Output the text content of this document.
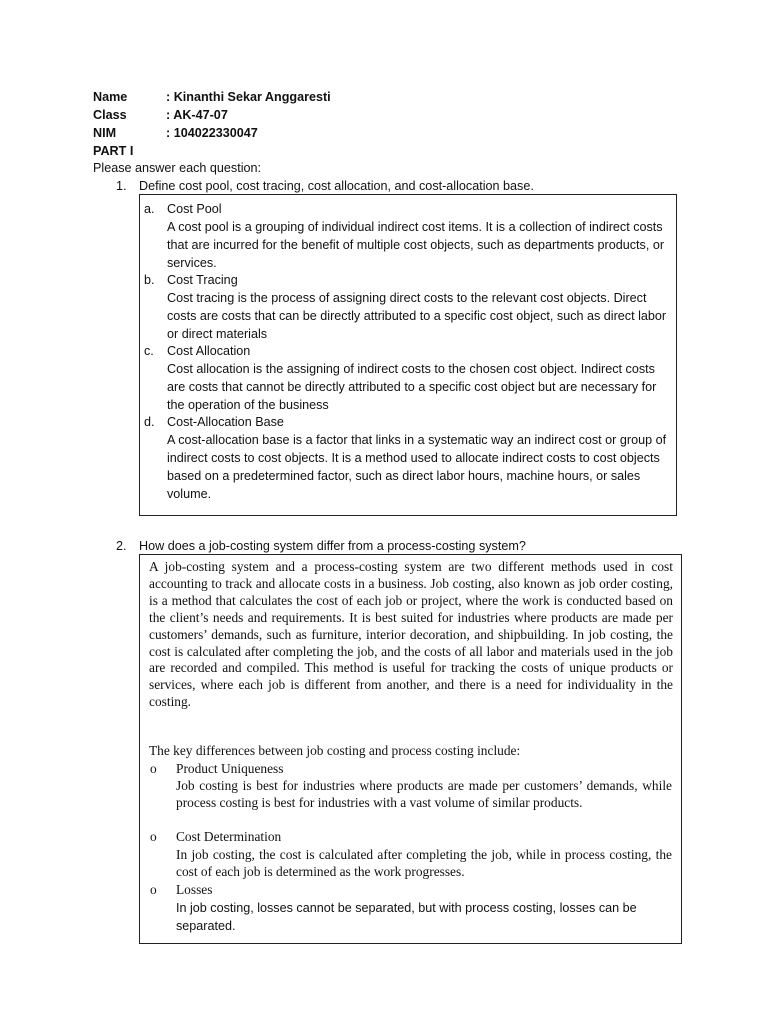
Name	: Kinanthi Sekar Anggaresti
Class	: AK-47-07
NIM	: 104022330047
PART I
Please answer each question:
1. Define cost pool, cost tracing, cost allocation, and cost-allocation base.
a. Cost Pool
A cost pool is a grouping of individual indirect cost items. It is a collection of indirect costs that are incurred for the benefit of multiple cost objects, such as departments products, or services.
b. Cost Tracing
Cost tracing is the process of assigning direct costs to the relevant cost objects. Direct costs are costs that can be directly attributed to a specific cost object, such as direct labor or direct materials
c. Cost Allocation
Cost allocation is the assigning of indirect costs to the chosen cost object. Indirect costs are costs that cannot be directly attributed to a specific cost object but are necessary for the operation of the business
d. Cost-Allocation Base
A cost-allocation base is a factor that links in a systematic way an indirect cost or group of indirect costs to cost objects. It is a method used to allocate indirect costs to cost objects based on a predetermined factor, such as direct labor hours, machine hours, or sales volume.
2. How does a job-costing system differ from a process-costing system?
A job-costing system and a process-costing system are two different methods used in cost accounting to track and allocate costs in a business. Job costing, also known as job order costing, is a method that calculates the cost of each job or project, where the work is conducted based on the client’s needs and requirements. It is best suited for industries where products are made per customers’ demands, such as furniture, interior decoration, and shipbuilding. In job costing, the cost is calculated after completing the job, and the costs of all labor and materials used in the job are recorded and compiled. This method is useful for tracking the costs of unique products or services, where each job is different from another, and there is a need for individuality in the costing.
The key differences between job costing and process costing include:
o Product Uniqueness
Job costing is best for industries where products are made per customers’ demands, while process costing is best for industries with a vast volume of similar products.
o Cost Determination
In job costing, the cost is calculated after completing the job, while in process costing, the cost of each job is determined as the work progresses.
o Losses
In job costing, losses cannot be separated, but with process costing, losses can be separated.
